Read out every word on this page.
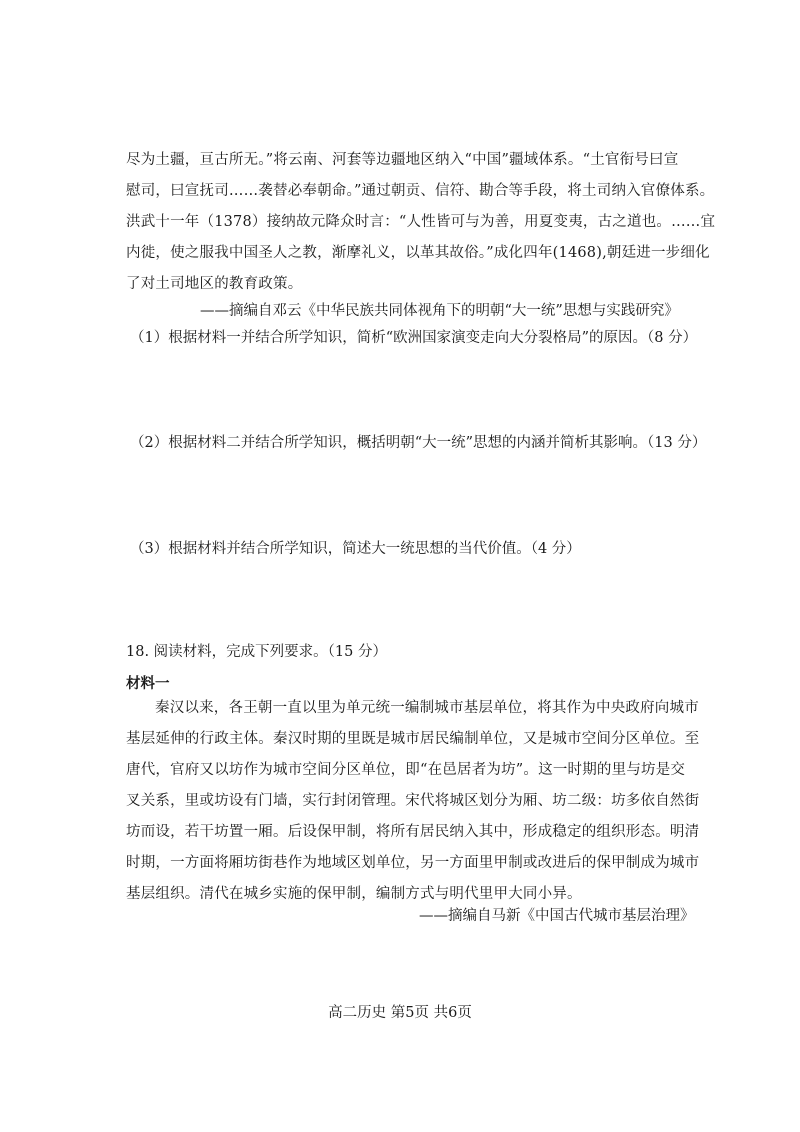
尽为土疆，亘古所无。”将云南、河套等边疆地区纳入“中国”疆域体系。“土官衔号曰宣
慰司，曰宣抚司……袭替必奉朝命。”通过朝贡、信符、勘合等手段，将土司纳入官僚体系。
洪武十一年（1378）接纳故元降众时言：“人性皆可与为善，用夏变夷，古之道也。……宜
内徙，使之服我中国圣人之教，渐摩礼义，以革其故俗。”成化四年(1468),朝廷进一步细化
了对土司地区的教育政策。
——摘编自邓云《中华民族共同体视角下的明朝“大一统”思想与实践研究》
（1）根据材料一并结合所学知识，简析“欧洲国家演变走向大分裂格局”的原因。（8 分）
（2）根据材料二并结合所学知识，概括明朝“大一统”思想的内涵并简析其影响。（13 分）
（3）根据材料并结合所学知识，简述大一统思想的当代价值。（4 分）
18. 阅读材料，完成下列要求。（15 分）
材料一
秦汉以来，各王朝一直以里为单元统一编制城市基层单位，将其作为中央政府向城市
基层延伸的行政主体。秦汉时期的里既是城市居民编制单位，又是城市空间分区单位。至
唐代，官府又以坊作为城市空间分区单位，即“在邑居者为坊”。这一时期的里与坊是交
叉关系，里或坊设有门墙，实行封闭管理。宋代将城区划分为厢、坊二级：坊多依自然街
坊而设，若干坊置一厢。后设保甲制，将所有居民纳入其中，形成稳定的组织形态。明清
时期，一方面将厢坊街巷作为地域区划单位，另一方面里甲制或改进后的保甲制成为城市
基层组织。清代在城乡实施的保甲制，编制方式与明代里甲大同小异。
——摘编自马新《中国古代城市基层治理》
高二历史 第5页 共6页
